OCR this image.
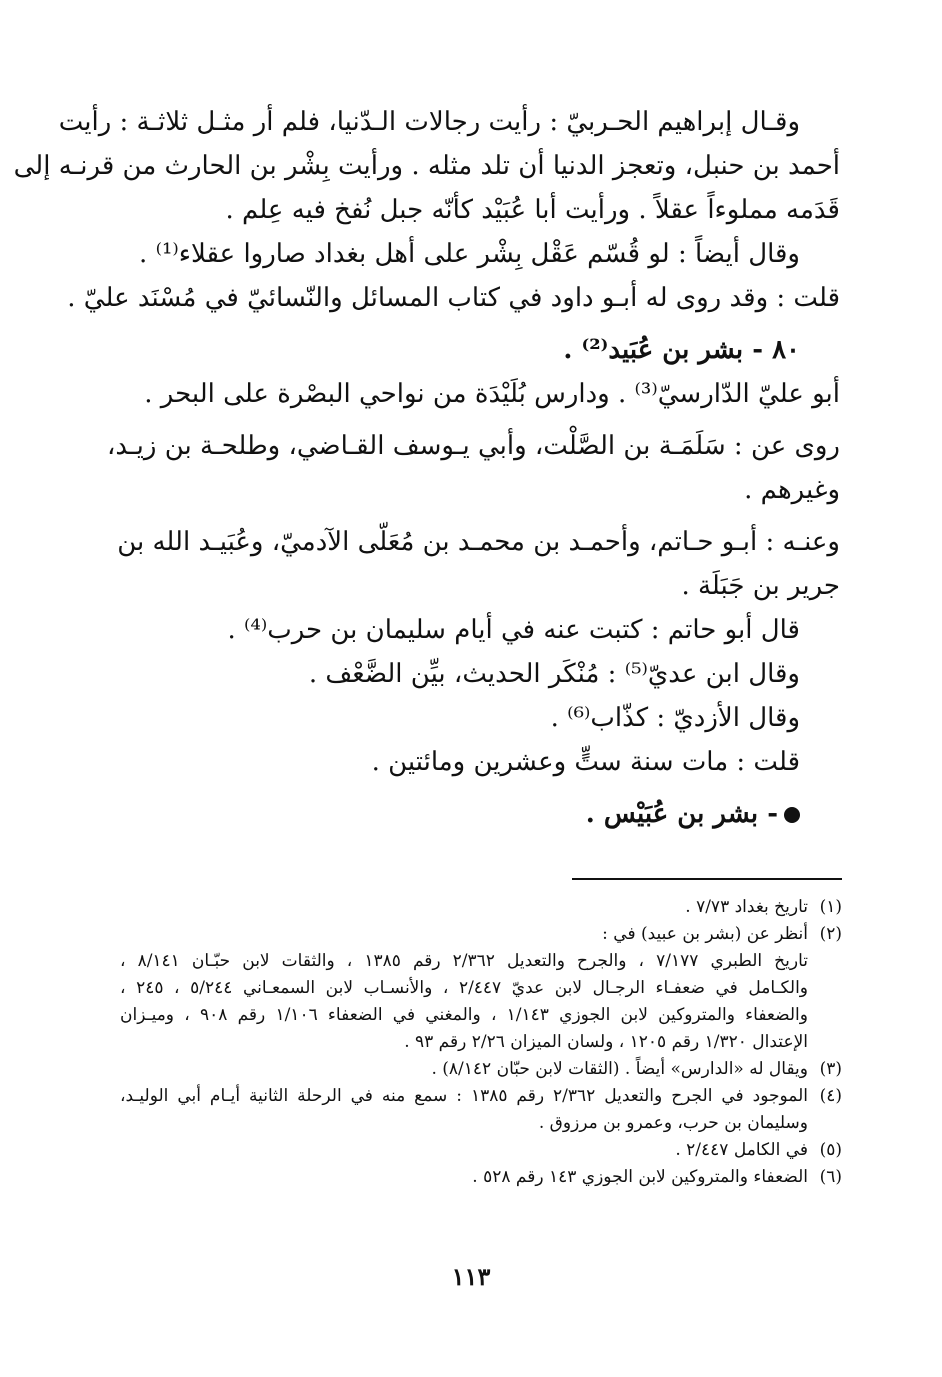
وقـال إبراهيم الحـربيّ : رأيت رجالات الـدّنيا، فلم أر مثـل ثلاثـة : رأيت
أحمد بن حنبل، وتعجز الدنيا أن تلد مثله . ورأيت بِشْر بن الحارث من قرنـه إلى
قَدَمه مملوءاً عقلاً . ورأيت أبا عُبَيْد كأنّه جبل نُفخ فيه عِلم .
وقال أيضاً : لو قُسّم عَقْل بِشْر على أهل بغداد صاروا عقلاء⁽¹⁾ .
قلت : وقد روى له أبـو داود في كتاب المسائل والنّسائيّ في مُسْنَد عليّ .
٨٠ - بشر بن عُبَيد⁽²⁾ .
أبو عليّ الدّارسيّ⁽³⁾ . ودارس بُلَيْدَة من نواحي البصْرة على البحر .
روى عن : سَلَمَـة بن الصَّلْت، وأبي يـوسف القـاضي، وطلحـة بن زيـد،
وغيرهم .
وعنـه : أبـو حـاتم، وأحمـد بن محمـد بن مُعَلّى الآدميّ، وعُبَيـد الله بن
جرير بن جَبَلَة .
قال أبو حاتم : كتبت عنه في أيام سليمان بن حرب⁽⁴⁾ .
وقال ابن عديّ⁽⁵⁾ : مُنْكَر الحديث، بيِّن الضَّعْف .
وقال الأزديّ : كذّاب⁽⁶⁾ .
قلت : مات سنة ستٍّ وعشرين ومائتين .
- بشر بن عُبَيْس .
(١)تاريخ بغداد ٧/٧٣ .
(٢)أنظر عن (بشر بن عبيد) في :
تاريخ الطبري ٧/١٧٧ ، والجرح والتعديل ٢/٣٦٢ رقم ١٣٨٥ ، والثقات لابن حبّـان ٨/١٤١ ،
والكـامل في ضعفـاء الرجـال لابن عديّ ٢/٤٤٧ ، والأنسـاب لابن السمعـاني ٥/٢٤٤ ، ٢٤٥ ،
والضعفاء والمتروكين لابن الجوزي ١/١٤٣ ، والمغني في الضعفاء ١/١٠٦ رقم ٩٠٨ ، وميـزان
الإعتدال ١/٣٢٠ رقم ١٢٠٥ ، ولسان الميزان ٢/٢٦ رقم ٩٣ .
(٣)ويقال له «الدارس» أيضاً . (الثقات لابن حبّان ٨/١٤٢) .
(٤)الموجود في الجرح والتعديل ٢/٣٦٢ رقم ١٣٨٥ : سمع منه في الرحلة الثانية أيـام أبي الوليـد،
وسليمان بن حرب، وعمرو بن مرزوق .
(٥)في الكامل ٢/٤٤٧ .
(٦)الضعفاء والمتروكين لابن الجوزي ١٤٣ رقم ٥٢٨ .
١١٣
